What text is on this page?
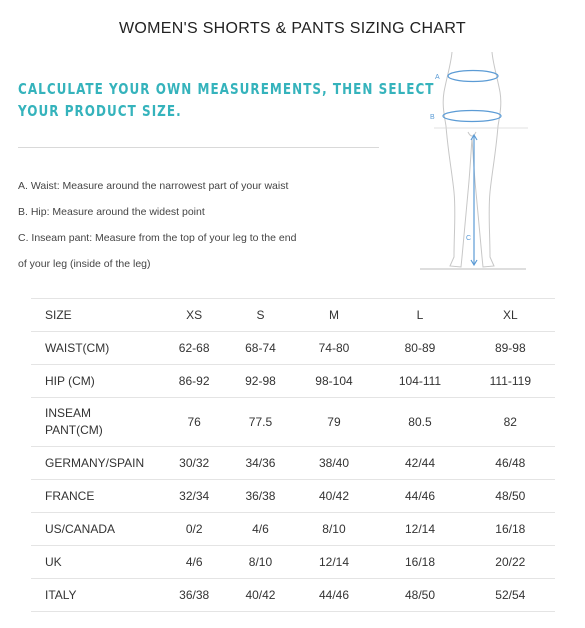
WOMEN'S SHORTS & PANTS SIZING CHART
CALCULATE YOUR OWN MEASUREMENTS, THEN SELECT
YOUR PRODUCT SIZE.
A. Waist: Measure around the narrowest part of your waist
B. Hip: Measure around the widest point
C. Inseam pant: Measure from the top of your leg to the end
of your leg (inside of the leg)
A
B
C
SIZE	XS	S	M	L	XL
WAIST(CM)	62-68	68-74	74-80	80-89	89-98
HIP (CM)	86-92	92-98	98-104	104-111	111-119
INSEAM
PANT(CM)	76	77.5	79	80.5	82
GERMANY/SPAIN	30/32	34/36	38/40	42/44	46/48
FRANCE	32/34	36/38	40/42	44/46	48/50
US/CANADA	0/2	4/6	8/10	12/14	16/18
UK	4/6	8/10	12/14	16/18	20/22
ITALY	36/38	40/42	44/46	48/50	52/54
